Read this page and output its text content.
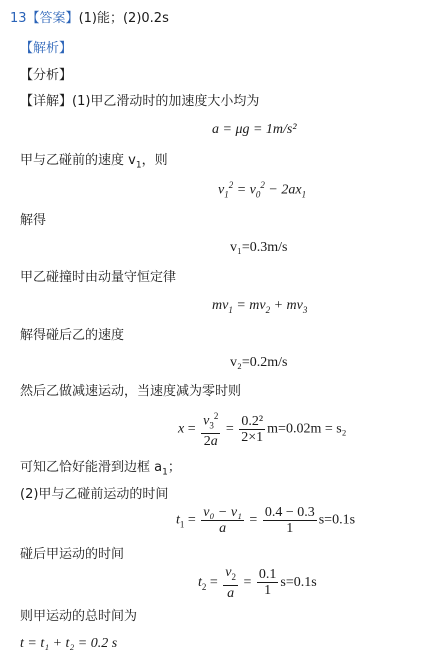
13【答案】(1)能；(2)0.2s
【解析】
【分析】
【详解】(1)甲乙滑动时的加速度大小均为
a = μg = 1m/s²
甲与乙碰前的速度 $v_1$，则
$v_1^2 = v_0^2 - 2ax_1$
解得
v₁=0.3m/s
甲乙碰撞时由动量守恒定律
$mv_1 = mv_2 + mv_3$
解得碰后乙的速度
v₂=0.2m/s
然后乙做减速运动，当速度减为零时则
$x = \frac{v_3^2}{2a} = \frac{\text{0.2²}}{2\times 1} m=0.02m = s_2$
可知乙恰好能滑到边框 $a_1$；
(2)甲与乙碰前运动的时间
$t_1 = \frac{\text{v₀ − v₁}}{a} = \frac{0.4 - 0.3}{1} s=0.1s$
碰后甲运动的时间
$t_2 = \frac{v_2}{a} = \frac{0.1}{1} s=0.1s$
则甲运动的总时间为
t = t₁ + t₂ = 0.2 s
